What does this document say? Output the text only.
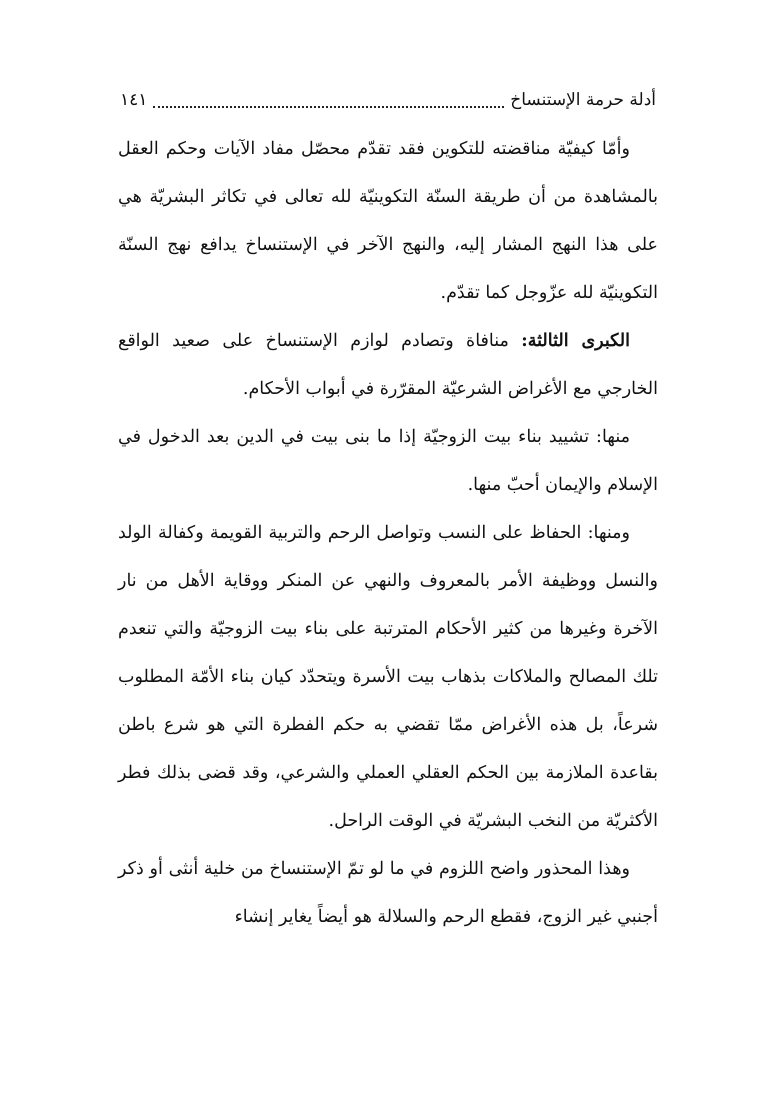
أدلة حرمة الإستنساخ
١٤١

وأمّا كيفيّة مناقضته للتكوين فقد تقدّم محصّل مفاد الآيات وحكم العقل بالمشاهدة من أن طريقة السنّة التكوينيّة لله تعالى في تكاثر البشريّة هي على هذا النهج المشار إليه، والنهج الآخر في الإستنساخ يدافع نهج السنّة التكوينيّة لله عزّوجل كما تقدّم.

الكبرى الثالثة: منافاة وتصادم لوازم الإستنساخ على صعيد الواقع الخارجي مع الأغراض الشرعيّة المقرّرة في أبواب الأحكام.

منها: تشييد بناء بيت الزوجيّة إذا ما بنى بيت في الدين بعد الدخول في الإسلام والإيمان أحبّ منها.

ومنها: الحفاظ على النسب وتواصل الرحم والتربية القويمة وكفالة الولد والنسل ووظيفة الأمر بالمعروف والنهي عن المنكر ووقاية الأهل من نار الآخرة وغيرها من كثير الأحكام المترتبة على بناء بيت الزوجيّة والتي تنعدم تلك المصالح والملاكات بذهاب بيت الأسرة ويتحدّد كيان بناء الأمّة المطلوب شرعاً، بل هذه الأغراض ممّا تقضي به حكم الفطرة التي هو شرع باطن بقاعدة الملازمة بين الحكم العقلي العملي والشرعي، وقد قضى بذلك فطر الأكثريّة من النخب البشريّة في الوقت الراحل.

وهذا المحذور واضح اللزوم في ما لو تمّ الإستنساخ من خلية أنثى أو ذكر أجنبي غير الزوج، فقطع الرحم والسلالة هو أيضاً يغاير إنشاء
